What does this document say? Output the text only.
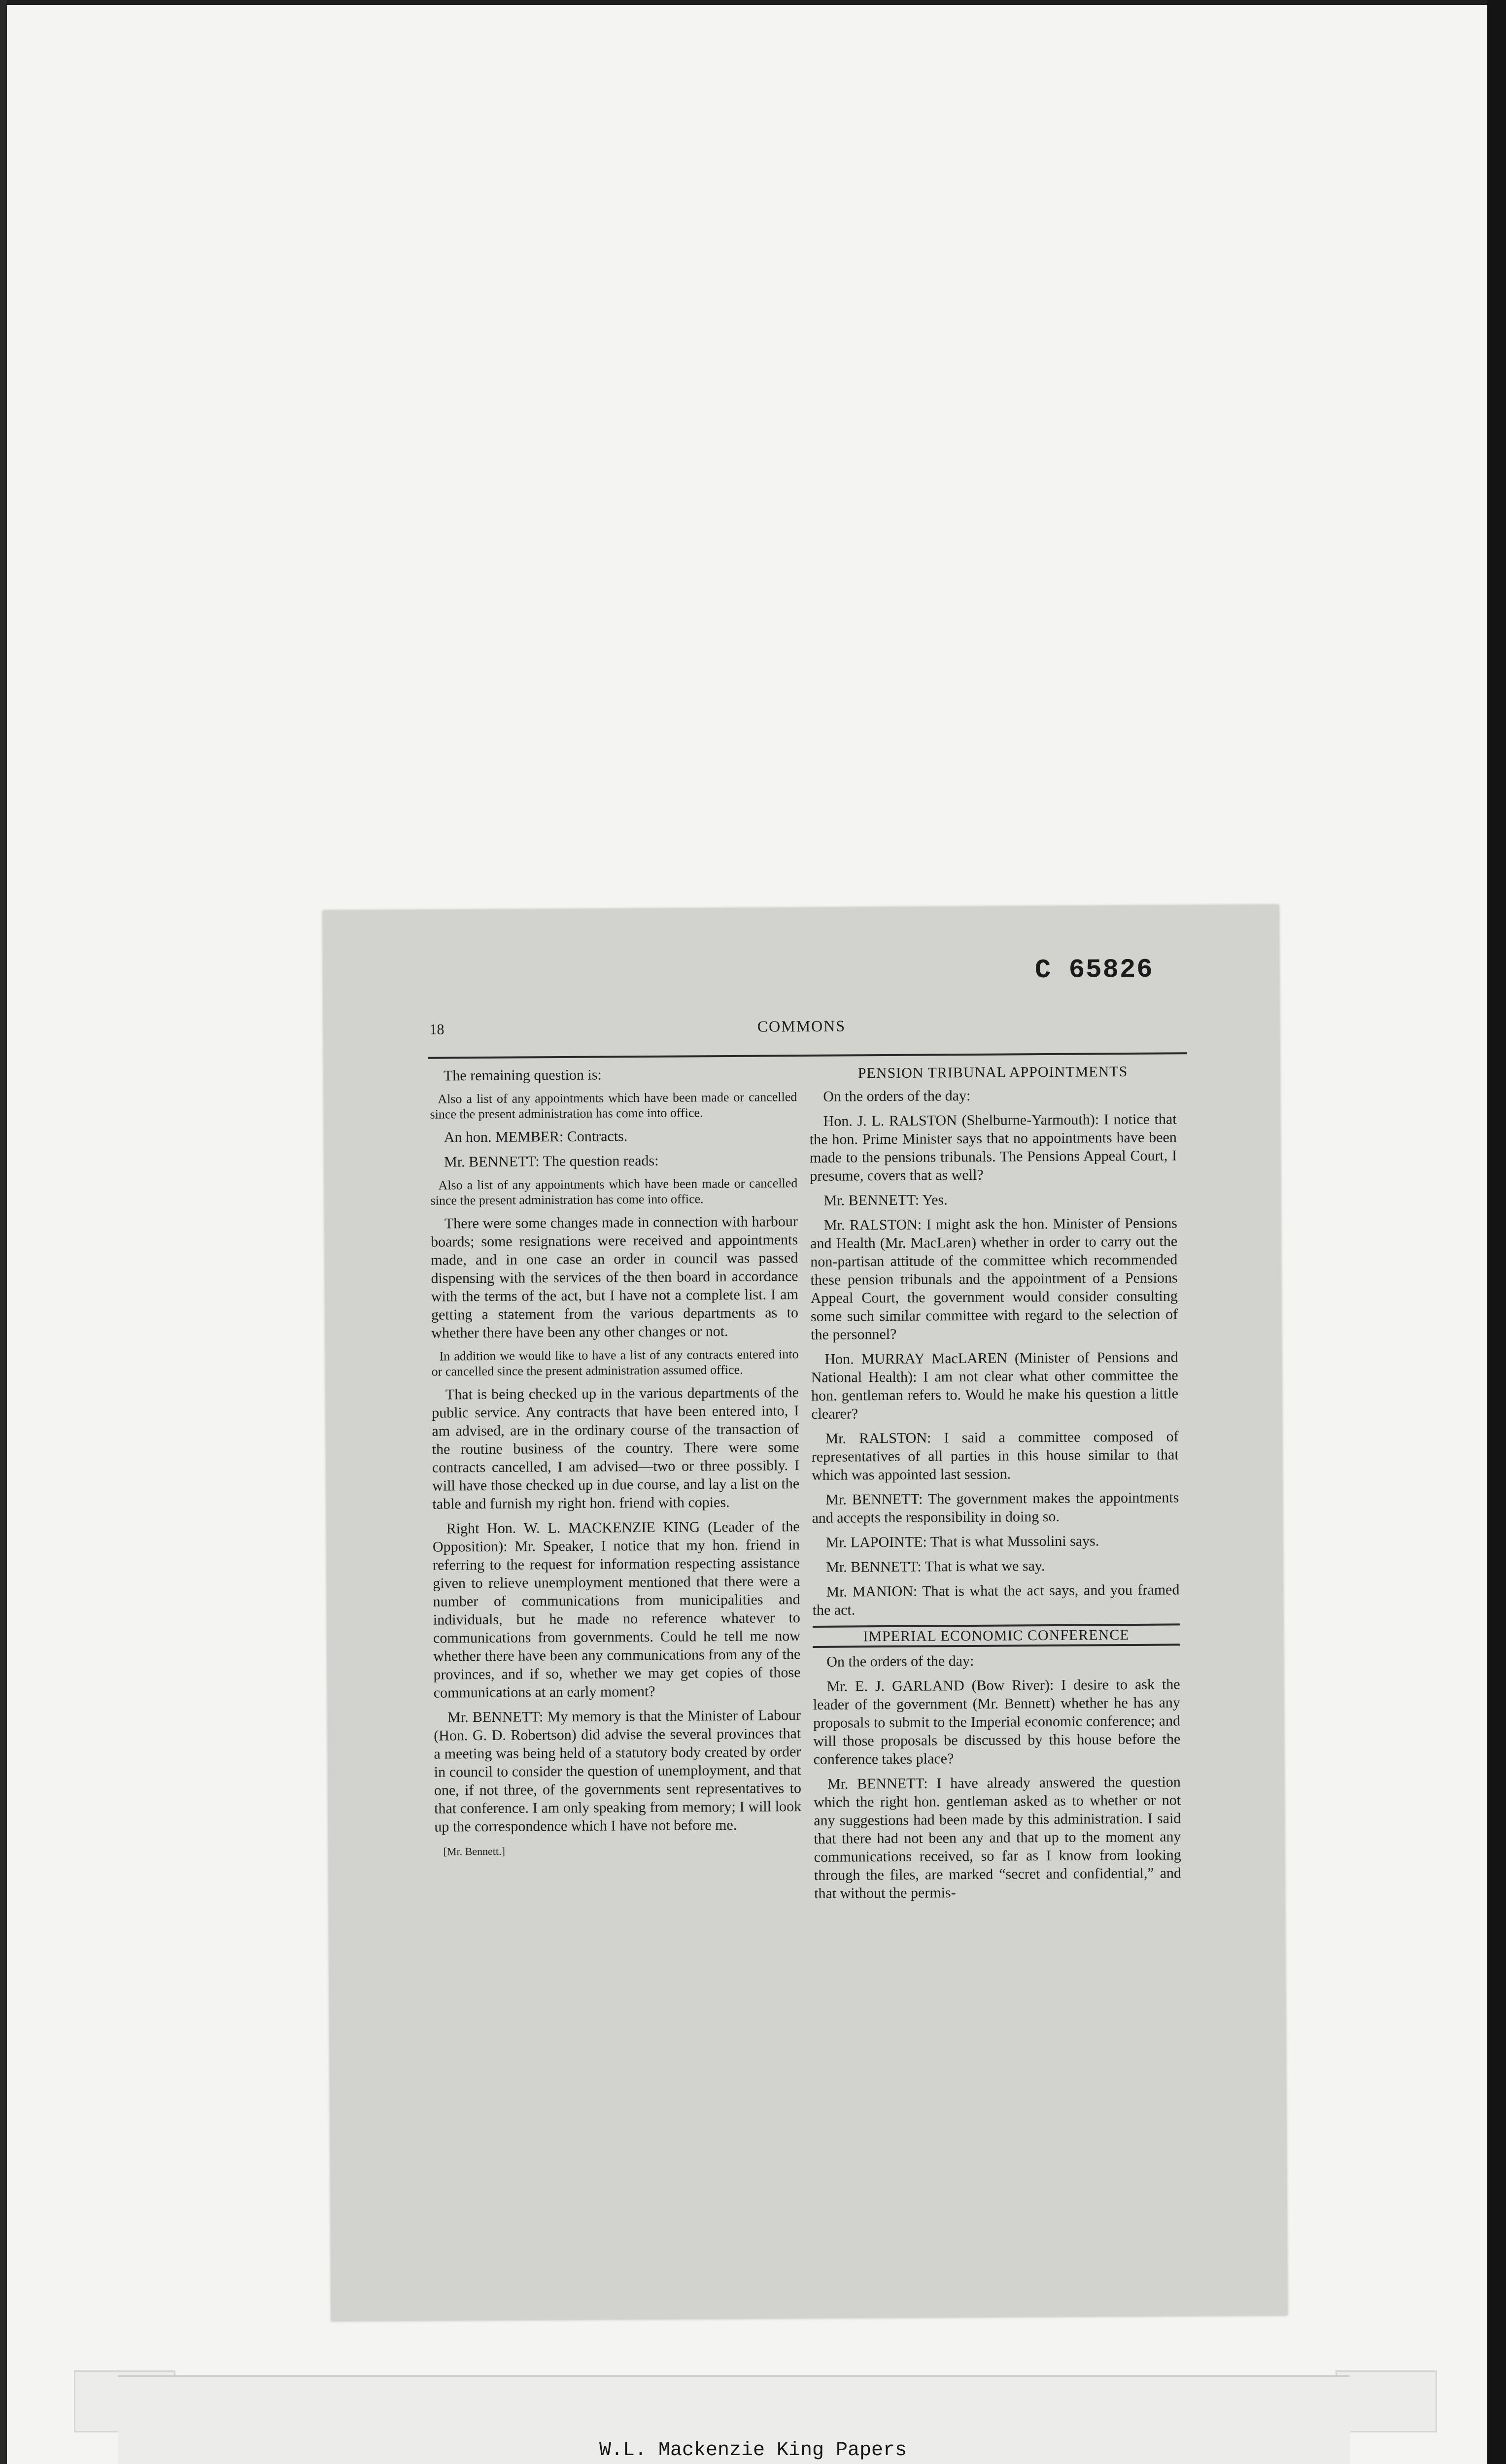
C 65826
18	COMMONS

The remaining question is:

Also a list of any appointments which have been made or cancelled since the present administration has come into office.

An hon. MEMBER: Contracts.

Mr. BENNETT: The question reads:

Also a list of any appointments which have been made or cancelled since the present administration has come into office.

There were some changes made in connection with harbour boards; some resignations were received and appointments made, and in one case an order in council was passed dispensing with the services of the then board in accordance with the terms of the act, but I have not a complete list. I am getting a statement from the various departments as to whether there have been any other changes or not.

In addition we would like to have a list of any contracts entered into or cancelled since the present administration assumed office.

That is being checked up in the various departments of the public service. Any contracts that have been entered into, I am advised, are in the ordinary course of the transaction of the routine business of the country. There were some contracts cancelled, I am advised—two or three possibly. I will have those checked up in due course, and lay a list on the table and furnish my right hon. friend with copies.

Right Hon. W. L. MACKENZIE KING (Leader of the Opposition): Mr. Speaker, I notice that my hon. friend in referring to the request for information respecting assistance given to relieve unemployment mentioned that there were a number of communications from municipalities and individuals, but he made no reference whatever to communications from governments. Could he tell me now whether there have been any communications from any of the provinces, and if so, whether we may get copies of those communications at an early moment?

Mr. BENNETT: My memory is that the Minister of Labour (Hon. G. D. Robertson) did advise the several provinces that a meeting was being held of a statutory body created by order in council to consider the question of unemployment, and that one, if not three, of the governments sent representatives to that conference. I am only speaking from memory; I will look up the correspondence which I have not before me.

[Mr. Bennett.]

PENSION TRIBUNAL APPOINTMENTS

On the orders of the day:

Hon. J. L. RALSTON (Shelburne-Yarmouth): I notice that the hon. Prime Minister says that no appointments have been made to the pensions tribunals. The Pensions Appeal Court, I presume, covers that as well?

Mr. BENNETT: Yes.

Mr. RALSTON: I might ask the hon. Minister of Pensions and Health (Mr. MacLaren) whether in order to carry out the non-partisan attitude of the committee which recommended these pension tribunals and the appointment of a Pensions Appeal Court, the government would consider consulting some such similar committee with regard to the selection of the personnel?

Hon. MURRAY MacLAREN (Minister of Pensions and National Health): I am not clear what other committee the hon. gentleman refers to. Would he make his question a little clearer?

Mr. RALSTON: I said a committee composed of representatives of all parties in this house similar to that which was appointed last session.

Mr. BENNETT: The government makes the appointments and accepts the responsibility in doing so.

Mr. LAPOINTE: That is what Mussolini says.

Mr. BENNETT: That is what we say.

Mr. MANION: That is what the act says, and you framed the act.

IMPERIAL ECONOMIC CONFERENCE

On the orders of the day:

Mr. E. J. GARLAND (Bow River): I desire to ask the leader of the government (Mr. Bennett) whether he has any proposals to submit to the Imperial economic conference; and will those proposals be discussed by this house before the conference takes place?

Mr. BENNETT: I have already answered the question which the right hon. gentleman asked as to whether or not any suggestions had been made by this administration. I said that there had not been any and that up to the moment any communications received, so far as I know from looking through the files, are marked “secret and confidential,” and that without the permis-

W.L. Mackenzie King Papers
